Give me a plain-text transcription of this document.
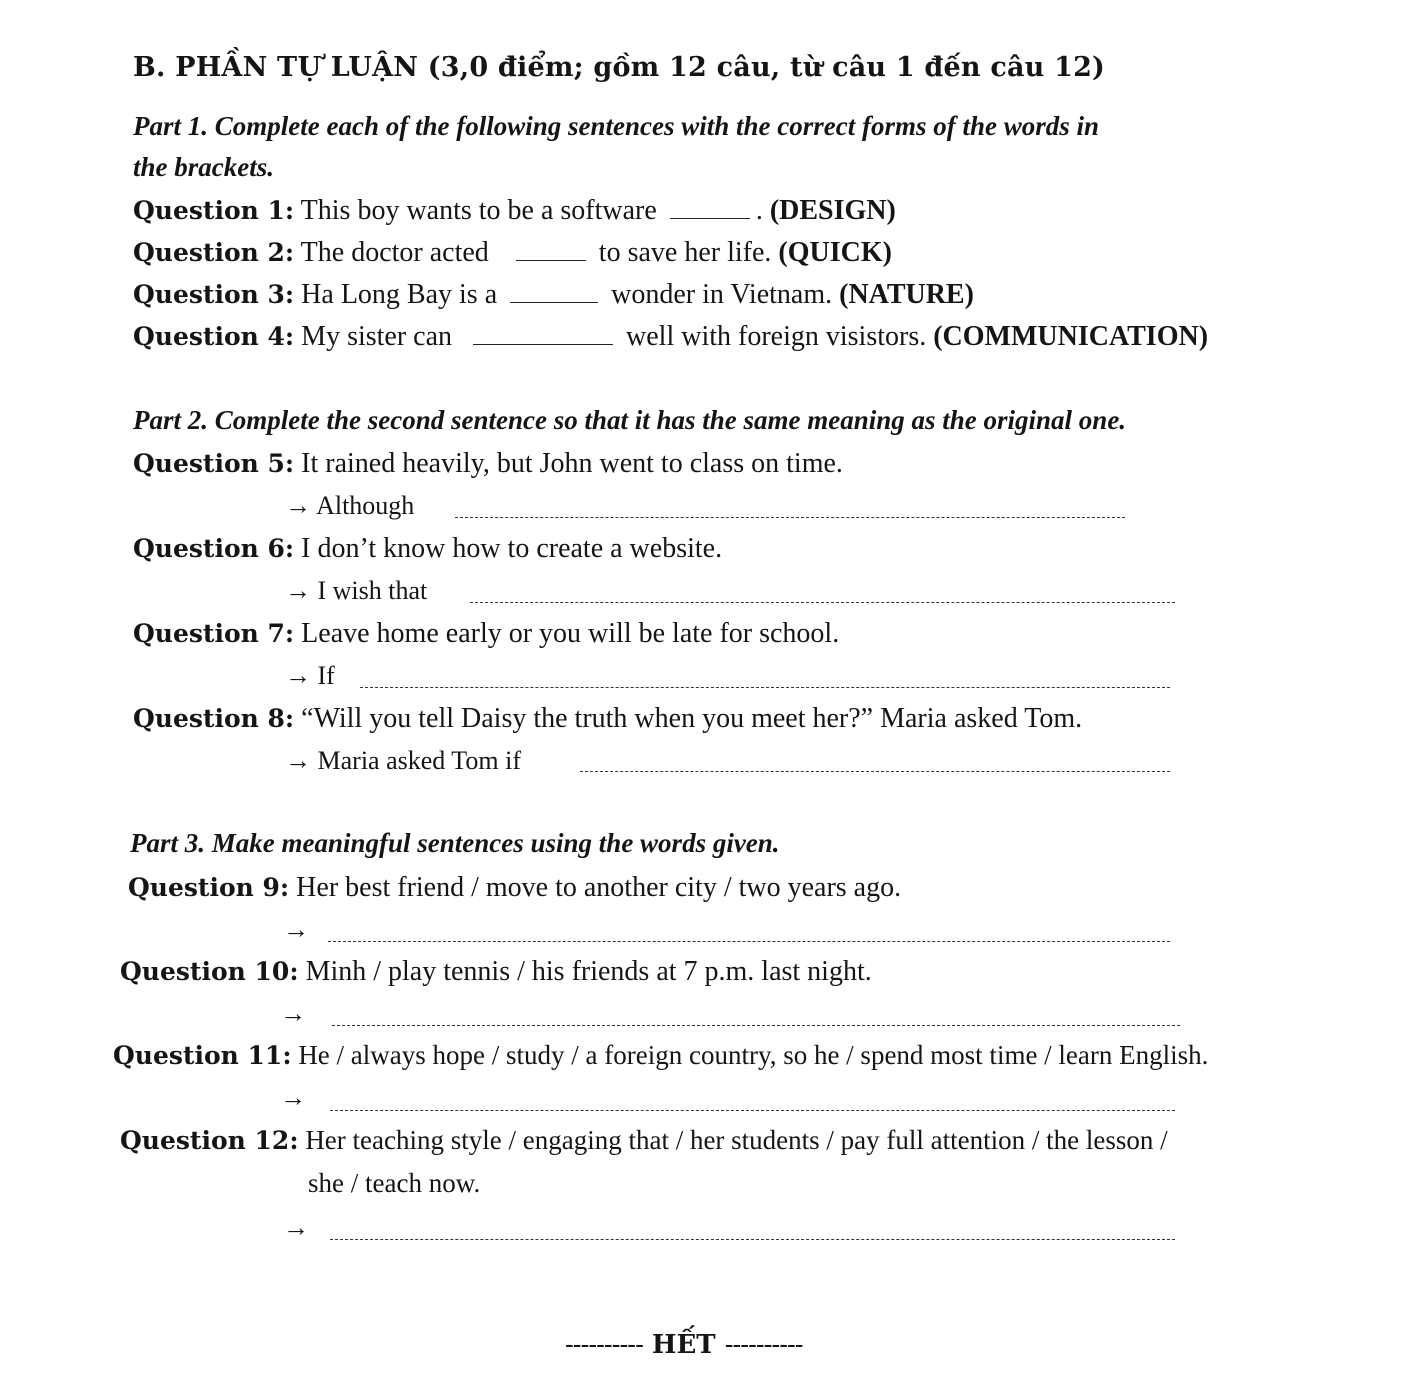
B. PHẦN TỰ LUẬN (3,0 điểm; gồm 12 câu, từ câu 1 đến câu 12)
Part 1. Complete each of the following sentences with the correct forms of the words in
the brackets.
Question 1: This boy wants to be a software	. (DESIGN)
Question 2: The doctor acted	to save her life. (QUICK)
Question 3: Ha Long Bay is a	wonder in Vietnam. (NATURE)
Question 4: My sister can	well with foreign visistors. (COMMUNICATION)
Part 2. Complete the second sentence so that it has the same meaning as the original one.
Question 5: It rained heavily, but John went to class on time.
→ Although
Question 6: I don’t know how to create a website.
→ I wish that
Question 7: Leave home early or you will be late for school.
→ If
Question 8: “Will you tell Daisy the truth when you meet her?” Maria asked Tom.
→ Maria asked Tom if
Part 3. Make meaningful sentences using the words given.
Question 9: Her best friend / move to another city / two years ago.
→
Question 10: Minh / play tennis / his friends at 7 p.m. last night.
→
Question 11: He / always hope / study / a foreign country, so he / spend most time / learn English.
→
Question 12: Her teaching style / engaging that / her students / pay full attention / the lesson /
she / teach now.
→
---------- HẾT ----------
